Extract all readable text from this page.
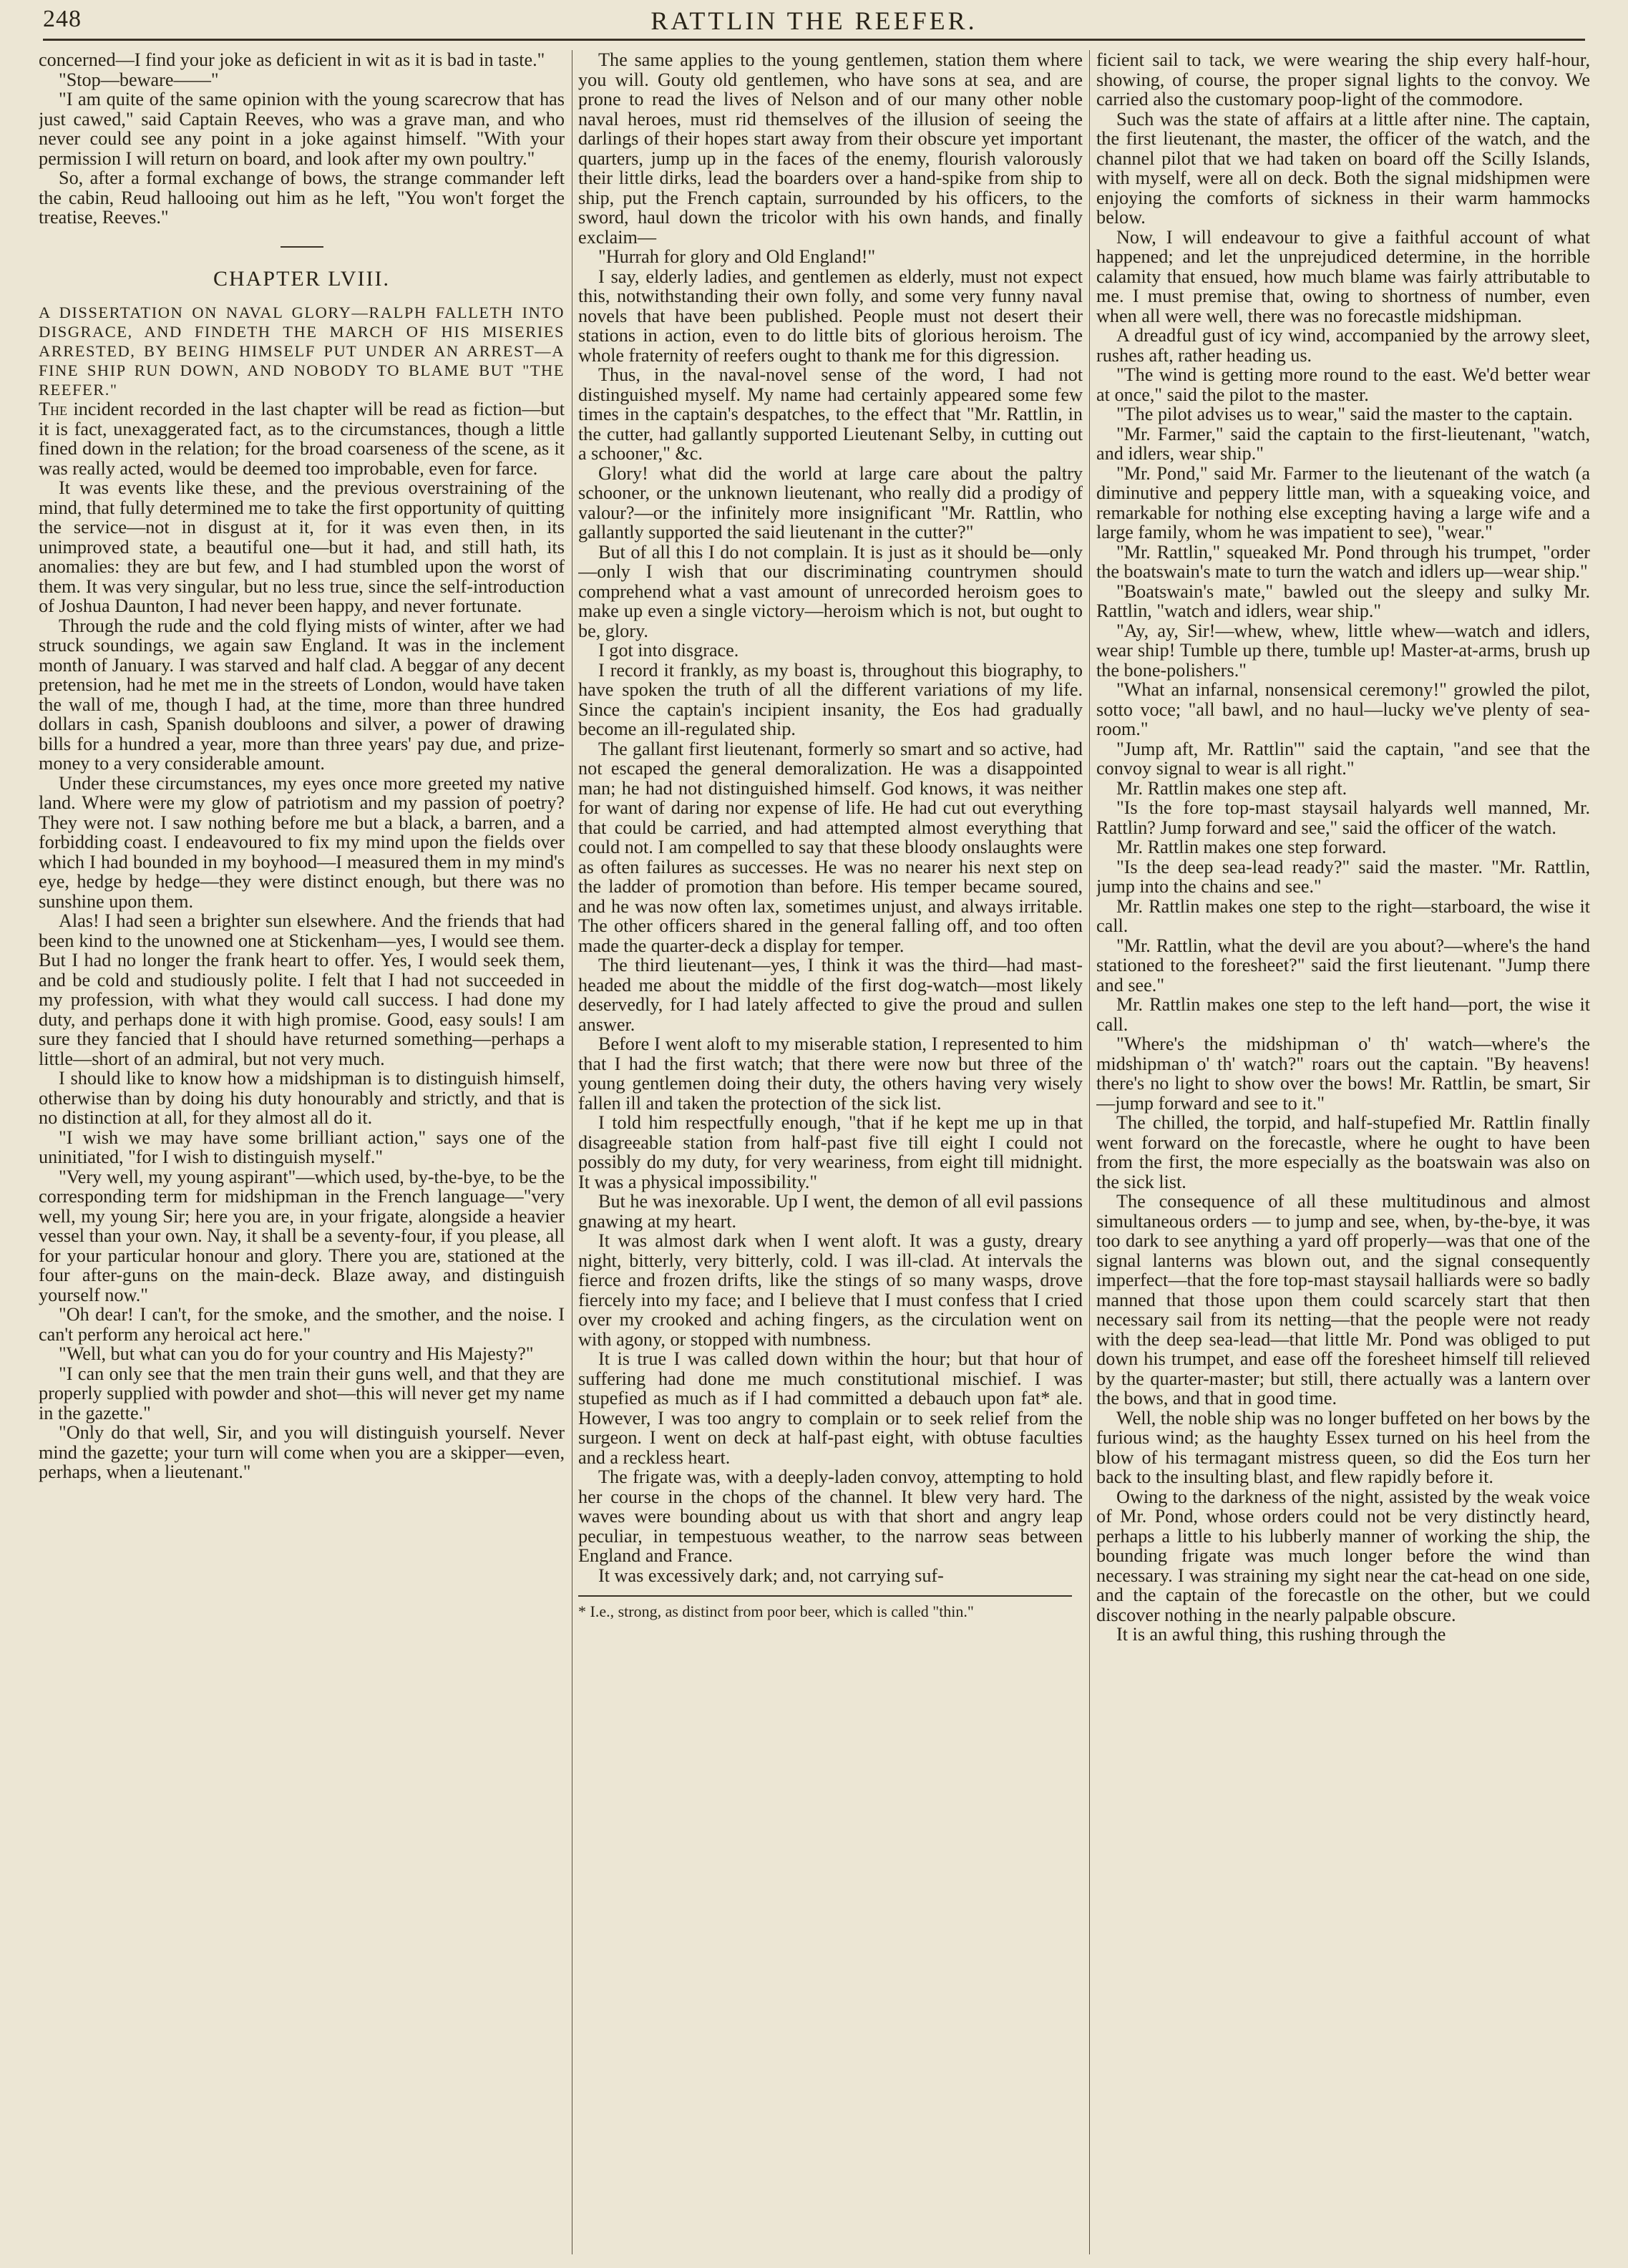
248	RATTLIN THE REEFER.

concerned—I find your joke as deficient in wit as it is bad in taste."

"Stop—beware——"

"I am quite of the same opinion with the young scarecrow that has just cawed," said Captain Reeves, who was a grave man, and who never could see any point in a joke against himself. "With your permission I will return on board, and look after my own poultry."

So, after a formal exchange of bows, the strange commander left the cabin, Reud hallooing out him as he left, "You won't forget the treatise, Reeves."

CHAPTER LVIII.

A DISSERTATION ON NAVAL GLORY—RALPH FALLETH INTO DISGRACE, AND FINDETH THE MARCH OF HIS MISERIES ARRESTED, BY BEING HIMSELF PUT UNDER AN ARREST—A FINE SHIP RUN DOWN, AND NOBODY TO BLAME BUT "THE REEFER."

The incident recorded in the last chapter will be read as fiction—but it is fact, unexaggerated fact, as to the circumstances, though a little fined down in the relation; for the broad coarseness of the scene, as it was really acted, would be deemed too improbable, even for farce.

It was events like these, and the previous overstraining of the mind, that fully determined me to take the first opportunity of quitting the service—not in disgust at it, for it was even then, in its unimproved state, a beautiful one—but it had, and still hath, its anomalies: they are but few, and I had stumbled upon the worst of them. It was very singular, but no less true, since the self-introduction of Joshua Daunton, I had never been happy, and never fortunate.

Through the rude and the cold flying mists of winter, after we had struck soundings, we again saw England. It was in the inclement month of January. I was starved and half clad. A beggar of any decent pretension, had he met me in the streets of London, would have taken the wall of me, though I had, at the time, more than three hundred dollars in cash, Spanish doubloons and silver, a power of drawing bills for a hundred a year, more than three years' pay due, and prize-money to a very considerable amount.

Under these circumstances, my eyes once more greeted my native land. Where were my glow of patriotism and my passion of poetry? They were not. I saw nothing before me but a black, a barren, and a forbidding coast. I endeavoured to fix my mind upon the fields over which I had bounded in my boyhood—I measured them in my mind's eye, hedge by hedge—they were distinct enough, but there was no sunshine upon them.

Alas! I had seen a brighter sun elsewhere. And the friends that had been kind to the unowned one at Stickenham—yes, I would see them. But I had no longer the frank heart to offer. Yes, I would seek them, and be cold and studiously polite. I felt that I had not succeeded in my profession, with what they would call success. I had done my duty, and perhaps done it with high promise. Good, easy souls! I am sure they fancied that I should have returned something—perhaps a little—short of an admiral, but not very much.

I should like to know how a midshipman is to distinguish himself, otherwise than by doing his duty honourably and strictly, and that is no distinction at all, for they almost all do it.

"I wish we may have some brilliant action," says one of the uninitiated, "for I wish to distinguish myself."

"Very well, my young aspirant"—which used, by-the-bye, to be the corresponding term for midshipman in the French language—"very well, my young Sir; here you are, in your frigate, alongside a heavier vessel than your own. Nay, it shall be a seventy-four, if you please, all for your particular honour and glory. There you are, stationed at the four after-guns on the main-deck. Blaze away, and distinguish yourself now."

"Oh dear! I can't, for the smoke, and the smother, and the noise. I can't perform any heroical act here."

"Well, but what can you do for your country and His Majesty?"

"I can only see that the men train their guns well, and that they are properly supplied with powder and shot—this will never get my name in the gazette."

"Only do that well, Sir, and you will distinguish yourself. Never mind the gazette; your turn will come when you are a skipper—even, perhaps, when a lieutenant."

The same applies to the young gentlemen, station them where you will. Gouty old gentlemen, who have sons at sea, and are prone to read the lives of Nelson and of our many other noble naval heroes, must rid themselves of the illusion of seeing the darlings of their hopes start away from their obscure yet important quarters, jump up in the faces of the enemy, flourish valorously their little dirks, lead the boarders over a hand-spike from ship to ship, put the French captain, surrounded by his officers, to the sword, haul down the tricolor with his own hands, and finally exclaim—

"Hurrah for glory and Old England!"

I say, elderly ladies, and gentlemen as elderly, must not expect this, notwithstanding their own folly, and some very funny naval novels that have been published. People must not desert their stations in action, even to do little bits of glorious heroism. The whole fraternity of reefers ought to thank me for this digression.

Thus, in the naval-novel sense of the word, I had not distinguished myself. My name had certainly appeared some few times in the captain's despatches, to the effect that "Mr. Rattlin, in the cutter, had gallantly supported Lieutenant Selby, in cutting out a schooner," &c.

Glory! what did the world at large care about the paltry schooner, or the unknown lieutenant, who really did a prodigy of valour?—or the infinitely more insignificant "Mr. Rattlin, who gallantly supported the said lieutenant in the cutter?"

But of all this I do not complain. It is just as it should be—only—only I wish that our discriminating countrymen should comprehend what a vast amount of unrecorded heroism goes to make up even a single victory—heroism which is not, but ought to be, glory.

I got into disgrace.

I record it frankly, as my boast is, throughout this biography, to have spoken the truth of all the different variations of my life. Since the captain's incipient insanity, the Eos had gradually become an ill-regulated ship.

The gallant first lieutenant, formerly so smart and so active, had not escaped the general demoralization. He was a disappointed man; he had not distinguished himself. God knows, it was neither for want of daring nor expense of life. He had cut out everything that could be carried, and had attempted almost everything that could not. I am compelled to say that these bloody onslaughts were as often failures as successes. He was no nearer his next step on the ladder of promotion than before. His temper became soured, and he was now often lax, sometimes unjust, and always irritable. The other officers shared in the general falling off, and too often made the quarter-deck a display for temper.

The third lieutenant—yes, I think it was the third—had mast-headed me about the middle of the first dog-watch—most likely deservedly, for I had lately affected to give the proud and sullen answer.

Before I went aloft to my miserable station, I represented to him that I had the first watch; that there were now but three of the young gentlemen doing their duty, the others having very wisely fallen ill and taken the protection of the sick list.

I told him respectfully enough, "that if he kept me up in that disagreeable station from half-past five till eight I could not possibly do my duty, for very weariness, from eight till midnight. It was a physical impossibility."

But he was inexorable. Up I went, the demon of all evil passions gnawing at my heart.

It was almost dark when I went aloft. It was a gusty, dreary night, bitterly, very bitterly, cold. I was ill-clad. At intervals the fierce and frozen drifts, like the stings of so many wasps, drove fiercely into my face; and I believe that I must confess that I cried over my crooked and aching fingers, as the circulation went on with agony, or stopped with numbness.

It is true I was called down within the hour; but that hour of suffering had done me much constitutional mischief. I was stupefied as much as if I had committed a debauch upon fat* ale. However, I was too angry to complain or to seek relief from the surgeon. I went on deck at half-past eight, with obtuse faculties and a reckless heart.

The frigate was, with a deeply-laden convoy, attempting to hold her course in the chops of the channel. It blew very hard. The waves were bounding about us with that short and angry leap peculiar, in tempestuous weather, to the narrow seas between England and France.

It was excessively dark; and, not carrying suf-

* I.e., strong, as distinct from poor beer, which is called "thin."

ficient sail to tack, we were wearing the ship every half-hour, showing, of course, the proper signal lights to the convoy. We carried also the customary poop-light of the commodore.

Such was the state of affairs at a little after nine. The captain, the first lieutenant, the master, the officer of the watch, and the channel pilot that we had taken on board off the Scilly Islands, with myself, were all on deck. Both the signal midshipmen were enjoying the comforts of sickness in their warm hammocks below.

Now, I will endeavour to give a faithful account of what happened; and let the unprejudiced determine, in the horrible calamity that ensued, how much blame was fairly attributable to me. I must premise that, owing to shortness of number, even when all were well, there was no forecastle midshipman.

A dreadful gust of icy wind, accompanied by the arrowy sleet, rushes aft, rather heading us.

"The wind is getting more round to the east. We'd better wear at once," said the pilot to the master.

"The pilot advises us to wear," said the master to the captain.

"Mr. Farmer," said the captain to the first-lieutenant, "watch, and idlers, wear ship."

"Mr. Pond," said Mr. Farmer to the lieutenant of the watch (a diminutive and peppery little man, with a squeaking voice, and remarkable for nothing else excepting having a large wife and a large family, whom he was impatient to see), "wear."

"Mr. Rattlin," squeaked Mr. Pond through his trumpet, "order the boatswain's mate to turn the watch and idlers up—wear ship."

"Boatswain's mate," bawled out the sleepy and sulky Mr. Rattlin, "watch and idlers, wear ship."

"Ay, ay, Sir!—whew, whew, little whew—watch and idlers, wear ship! Tumble up there, tumble up! Master-at-arms, brush up the bone-polishers."

"What an infarnal, nonsensical ceremony!" growled the pilot, sotto voce; "all bawl, and no haul—lucky we've plenty of sea-room."

"Jump aft, Mr. Rattlin'" said the captain, "and see that the convoy signal to wear is all right."

Mr. Rattlin makes one step aft.

"Is the fore top-mast staysail halyards well manned, Mr. Rattlin? Jump forward and see," said the officer of the watch.

Mr. Rattlin makes one step forward.

"Is the deep sea-lead ready?" said the master. "Mr. Rattlin, jump into the chains and see."

Mr. Rattlin makes one step to the right—starboard, the wise it call.

"Mr. Rattlin, what the devil are you about?—where's the hand stationed to the foresheet?" said the first lieutenant. "Jump there and see."

Mr. Rattlin makes one step to the left hand—port, the wise it call.

"Where's the midshipman o' th' watch—where's the midshipman o' th' watch?" roars out the captain. "By heavens! there's no light to show over the bows! Mr. Rattlin, be smart, Sir—jump forward and see to it."

The chilled, the torpid, and half-stupefied Mr. Rattlin finally went forward on the forecastle, where he ought to have been from the first, the more especially as the boatswain was also on the sick list.

The consequence of all these multitudinous and almost simultaneous orders — to jump and see, when, by-the-bye, it was too dark to see anything a yard off properly—was that one of the signal lanterns was blown out, and the signal consequently imperfect—that the fore top-mast staysail halliards were so badly manned that those upon them could scarcely start that then necessary sail from its netting—that the people were not ready with the deep sea-lead—that little Mr. Pond was obliged to put down his trumpet, and ease off the foresheet himself till relieved by the quarter-master; but still, there actually was a lantern over the bows, and that in good time.

Well, the noble ship was no longer buffeted on her bows by the furious wind; as the haughty Essex turned on his heel from the blow of his termagant mistress queen, so did the Eos turn her back to the insulting blast, and flew rapidly before it.

Owing to the darkness of the night, assisted by the weak voice of Mr. Pond, whose orders could not be very distinctly heard, perhaps a little to his lubberly manner of working the ship, the bounding frigate was much longer before the wind than necessary. I was straining my sight near the cat-head on one side, and the captain of the forecastle on the other, but we could discover nothing in the nearly palpable obscure.

It is an awful thing, this rushing through the
